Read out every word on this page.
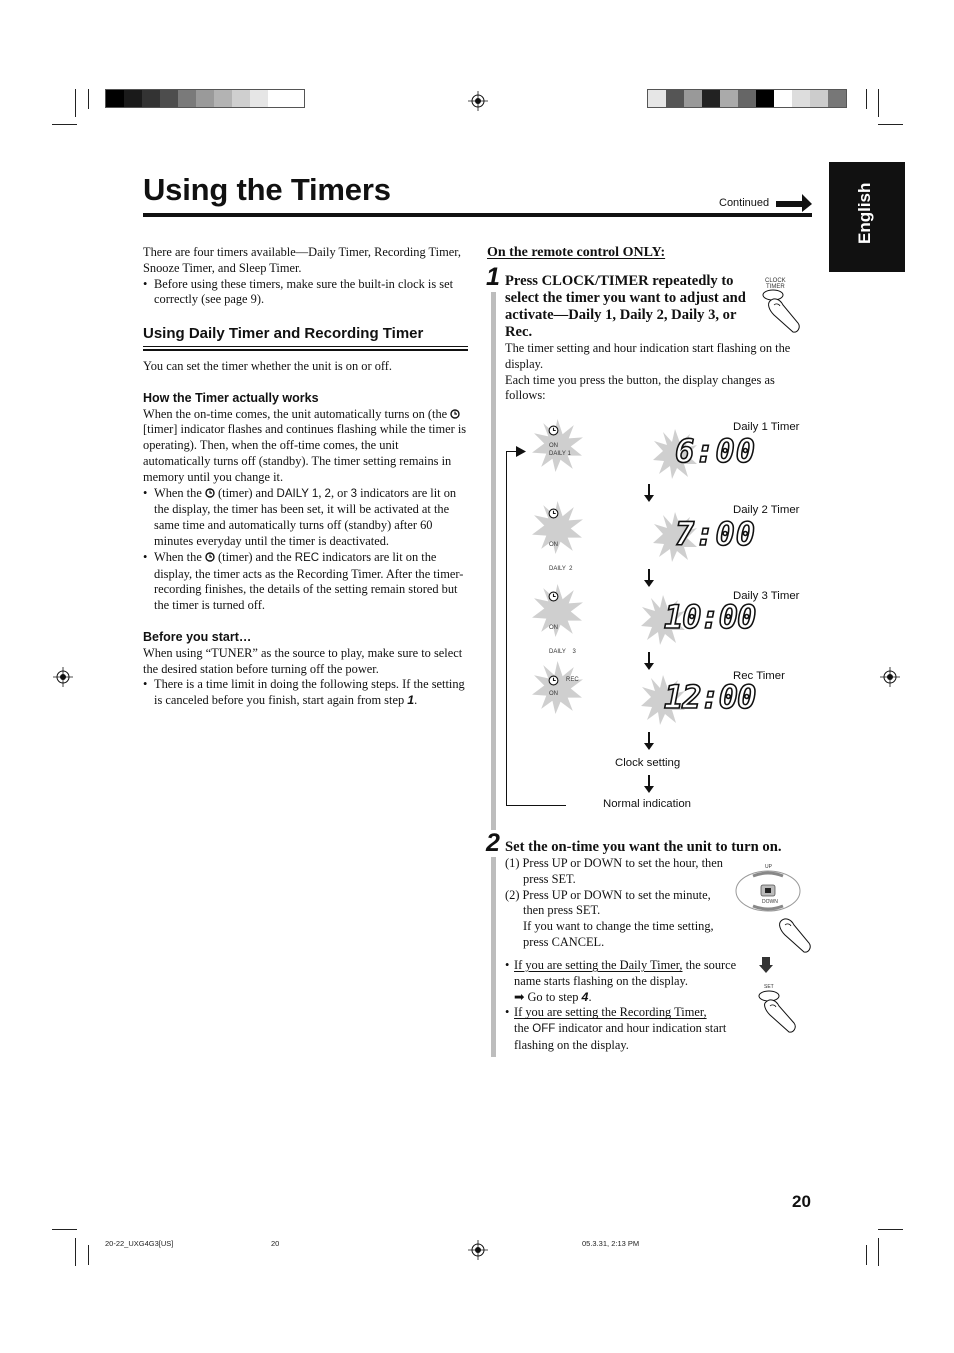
Using the Timers	Continued	English
There are four timers available—Daily Timer, Recording Timer, Snooze Timer, and Sleep Timer.
• Before using these timers, make sure the built-in clock is set correctly (see page 9).
Using Daily Timer and Recording Timer
You can set the timer whether the unit is on or off.
How the Timer actually works
When the on-time comes, the unit automatically turns on (the  [timer] indicator flashes and continues flashing while the timer is operating). Then, when the off-time comes, the unit automatically turns off (standby). The timer setting remains in memory until you change it.
• When the (timer) and DAILY 1, 2, or 3 indicators are lit on the display, the timer has been set, it will be activated at the same time and automatically turns off (standby) after 60 minutes everyday until the timer is deactivated.
• When the (timer) and the REC indicators are lit on the display, the timer acts as the Recording Timer. After the timer-recording finishes, the details of the setting remain stored but the timer is turned off.
Before you start…
When using “TUNER” as the source to play, make sure to select the desired station before turning off the power.
• There is a time limit in doing the following steps. If the setting is canceled before you finish, start again from step 1.
On the remote control ONLY:
1 Press CLOCK/TIMER repeatedly to select the timer you want to adjust and activate—Daily 1, Daily 2, Daily 3, or Rec.
CLOCK
TIMER
The timer setting and hour indication start flashing on the display.
Each time you press the button, the display changes as follows:
Daily 1 Timer
ON
DAILY 1	6:00
Daily 2 Timer

ON

DAILY  2

7:00
Daily 3 Timer

ON

DAILY    3

10:00
Rec Timer
REC
ON	12:00
Clock setting
Normal indication
2 Set the on-time you want the unit to turn on.
(1) Press UP or DOWN to set the hour, then press SET.
(2) Press UP or DOWN to set the minute, then press SET.
If you want to change the time setting, press CANCEL.
UP
DOWN
SET
• If you are setting the Daily Timer, the source name starts flashing on the display.
➡ Go to step 4.
• If you are setting the Recording Timer,
the OFF indicator and hour indication start flashing on the display.
20
20-22_UXG4G3[US]	20	05.3.31, 2:13 PM
